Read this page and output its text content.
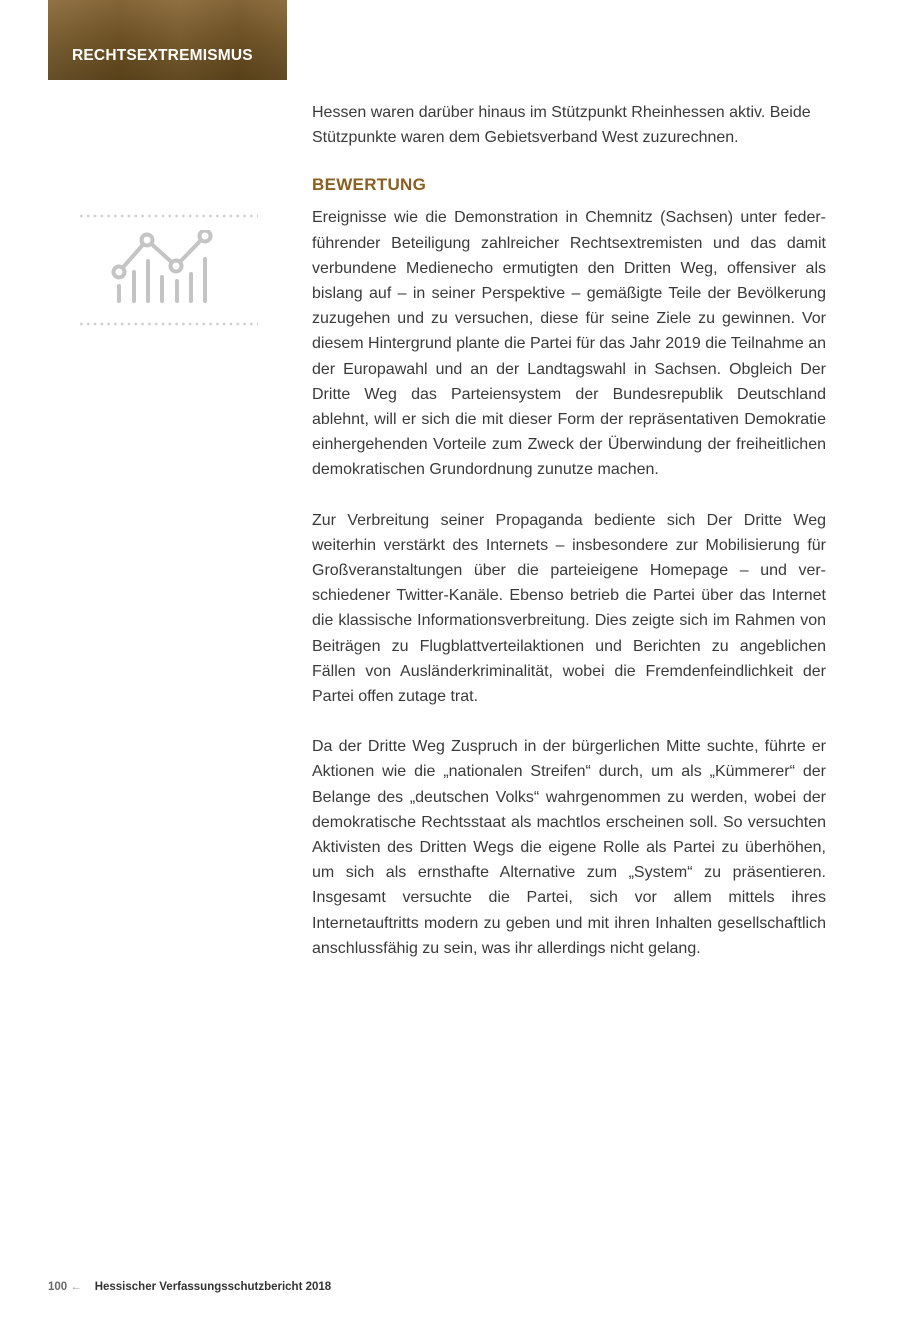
RECHTSEXTREMISMUS

Hessen waren darüber hinaus im Stützpunkt Rheinhessen aktiv. Beide Stützpunkte waren dem Gebietsverband West zuzurechnen.

BEWERTUNG

Ereignisse wie die Demonstration in Chemnitz (Sachsen) unter federführender Beteiligung zahlreicher Rechtsextremisten und das damit verbundene Medienecho ermutigten den Dritten Weg, offensiver als bislang auf – in seiner Perspektive – gemäßigte Teile der Bevölkerung zuzugehen und zu versuchen, diese für seine Ziele zu gewinnen. Vor diesem Hintergrund plante die Partei für das Jahr 2019 die Teilnahme an der Europawahl und an der Landtagswahl in Sachsen. Obgleich Der Dritte Weg das Parteiensystem der Bundesrepublik Deutschland ablehnt, will er sich die mit dieser Form der repräsentativen Demokratie einhergehenden Vorteile zum Zweck der Überwindung der freiheitlichen demokratischen Grundordnung zunutze machen.

Zur Verbreitung seiner Propaganda bediente sich Der Dritte Weg weiterhin verstärkt des Internets – insbesondere zur Mobilisierung für Großveranstaltungen über die parteieigene Homepage – und verschiedener Twitter-Kanäle. Ebenso betrieb die Partei über das Internet die klassische Informationsverbreitung. Dies zeigte sich im Rahmen von Beiträgen zu Flugblattverteilaktionen und Berichten zu angeblichen Fällen von Ausländerkriminalität, wobei die Fremdenfeindlichkeit der Partei offen zutage trat.

Da der Dritte Weg Zuspruch in der bürgerlichen Mitte suchte, führte er Aktionen wie die „nationalen Streifen“ durch, um als „Kümmerer“ der Belange des „deutschen Volks“ wahrgenommen zu werden, wobei der demokratische Rechtsstaat als machtlos erscheinen soll. So versuchten Aktivisten des Dritten Wegs die eigene Rolle als Partei zu überhöhen, um sich als ernsthafte Alternative zum „System“ zu präsentieren. Insgesamt versuchte die Partei, sich vor allem mittels ihres Internetauftritts modern zu geben und mit ihren Inhalten gesellschaftlich anschlussfähig zu sein, was ihr allerdings nicht gelang.

100 ← Hessischer Verfassungsschutzbericht 2018
